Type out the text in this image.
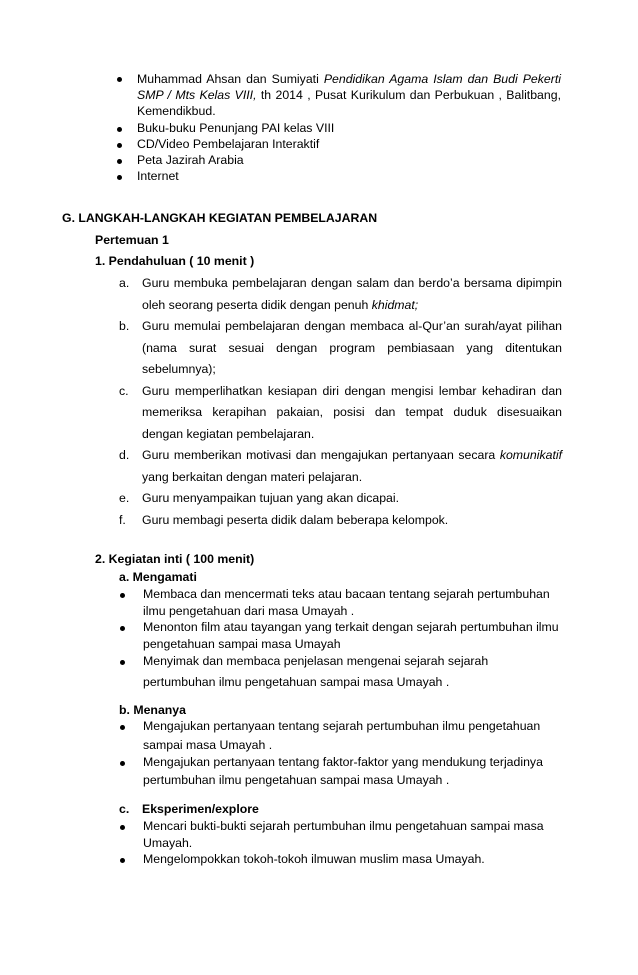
Muhammad Ahsan dan Sumiyati Pendidikan Agama Islam dan Budi Pekerti
SMP / Mts Kelas VIII, th 2014 , Pusat Kurikulum dan Perbukuan , Balitbang,
Kemendikbud.
Buku-buku Penunjang PAI kelas VIII
CD/Video Pembelajaran Interaktif
Peta Jazirah Arabia
Internet
G. LANGKAH-LANGKAH KEGIATAN PEMBELAJARAN
Pertemuan 1
1. Pendahuluan ( 10 menit )
a. Guru membuka pembelajaran dengan salam dan berdo’a bersama dipimpin
oleh seorang peserta didik dengan penuh khidmat;
b. Guru memulai pembelajaran dengan membaca al-Qur’an surah/ayat pilihan
(nama surat sesuai dengan program pembiasaan yang ditentukan
sebelumnya);
c. Guru memperlihatkan kesiapan diri dengan mengisi lembar kehadiran dan
memeriksa kerapihan pakaian, posisi dan tempat duduk disesuaikan
dengan kegiatan pembelajaran.
d. Guru memberikan motivasi dan mengajukan pertanyaan secara komunikatif
yang berkaitan dengan materi pelajaran.
e. Guru menyampaikan tujuan yang akan dicapai.
f. Guru membagi peserta didik dalam beberapa kelompok.
2. Kegiatan inti ( 100 menit)
a. Mengamati
Membaca dan mencermati teks atau bacaan tentang sejarah pertumbuhan
ilmu pengetahuan dari masa Umayah .
Menonton film atau tayangan yang terkait dengan sejarah pertumbuhan ilmu
pengetahuan sampai masa Umayah
Menyimak dan membaca penjelasan mengenai sejarah sejarah
pertumbuhan ilmu pengetahuan sampai masa Umayah .
b. Menanya
Mengajukan pertanyaan tentang sejarah pertumbuhan ilmu pengetahuan
sampai masa Umayah .
Mengajukan pertanyaan tentang faktor-faktor yang mendukung terjadinya
pertumbuhan ilmu pengetahuan sampai masa Umayah .
c. Eksperimen/explore
Mencari bukti-bukti sejarah pertumbuhan ilmu pengetahuan sampai masa
Umayah.
Mengelompokkan tokoh-tokoh ilmuwan muslim masa Umayah.
